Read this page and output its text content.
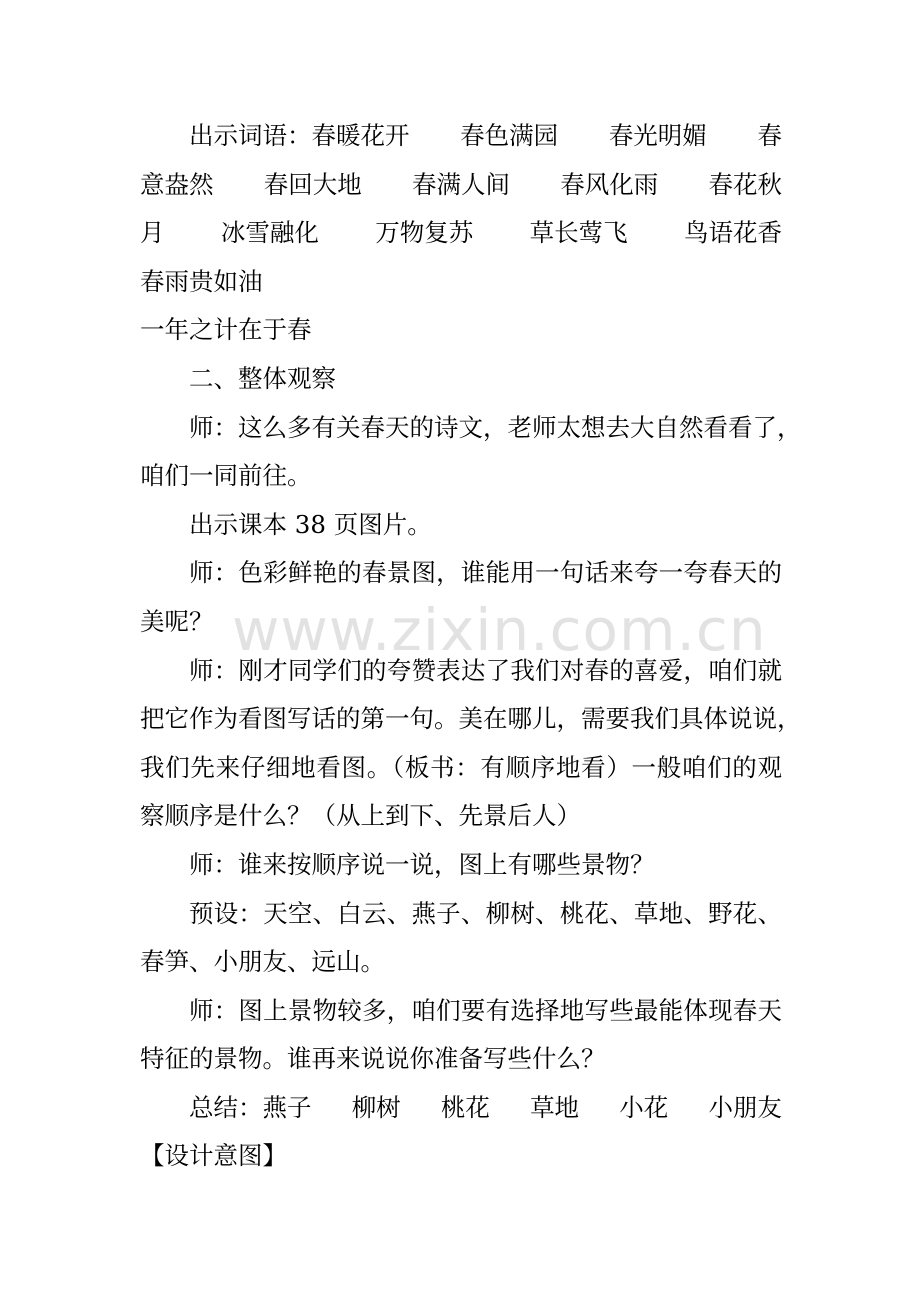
出示词语：春暖花开 春色满园 春光明媚 春
意盎然 春回大地 春满人间 春风化雨 春花秋
月 冰雪融化 万物复苏 草长莺飞 鸟语花香
春雨贵如油
一年之计在于春
二、整体观察
师：这么多有关春天的诗文，老师太想去大自然看看了，
咱们一同前往。
出示课本 38 页图片。
师：色彩鲜艳的春景图，谁能用一句话来夸一夸春天的
美呢？
师：刚才同学们的夸赞表达了我们对春的喜爱，咱们就
把它作为看图写话的第一句。美在哪儿，需要我们具体说说，
我们先来仔细地看图。（板书：有顺序地看）一般咱们的观
察顺序是什么？（从上到下、先景后人）
师：谁来按顺序说一说，图上有哪些景物？
预设：天空、白云、燕子、柳树、桃花、草地、野花、
春笋、小朋友、远山。
师：图上景物较多，咱们要有选择地写些最能体现春天
特征的景物。谁再来说说你准备写些什么？
总结：燕子 柳树 桃花 草地 小花 小朋友
【设计意图】
www.zixin.com.cn
